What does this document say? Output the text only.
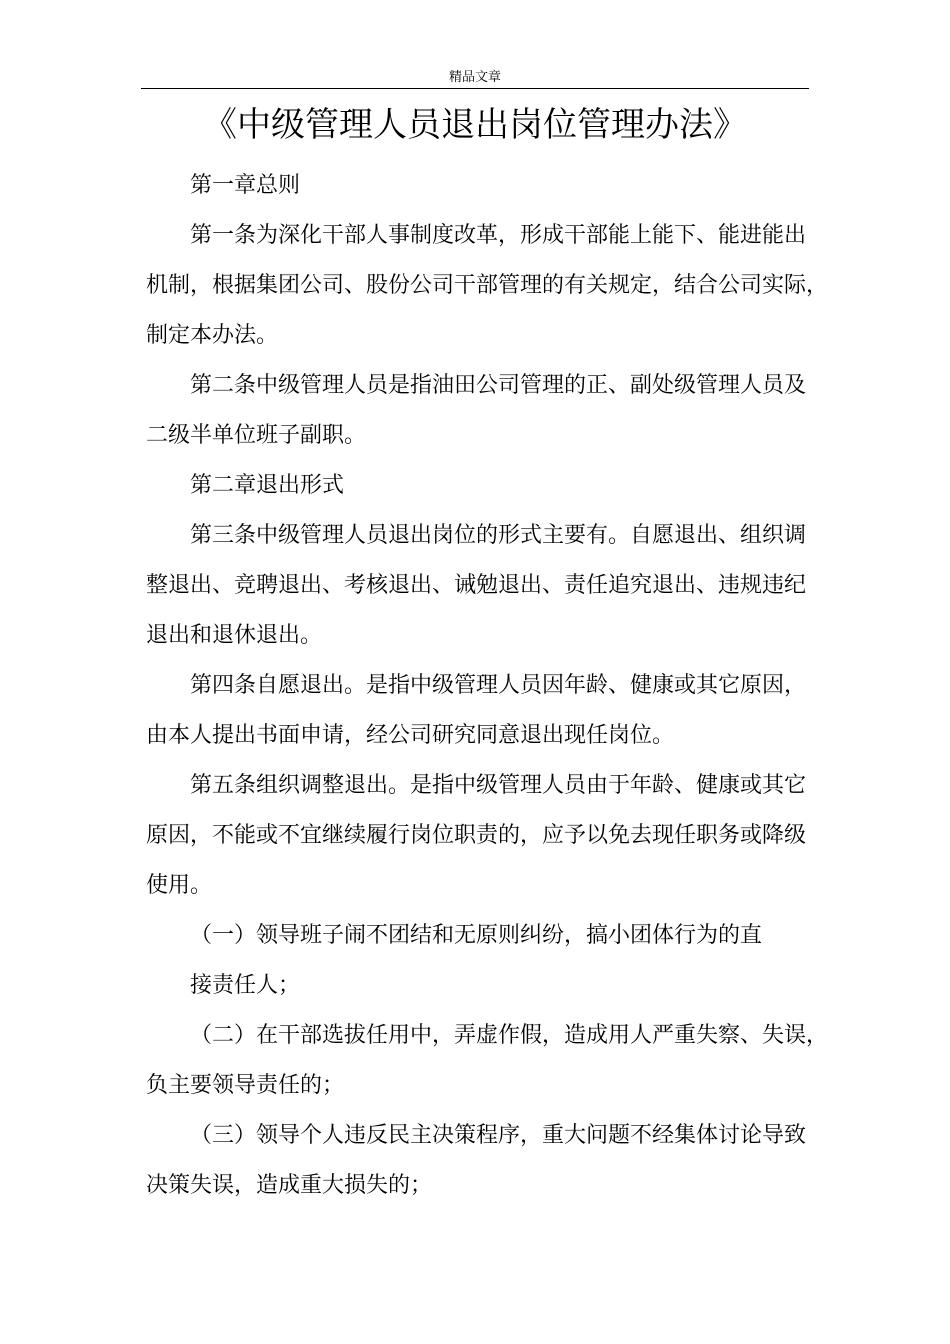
精品文章
《中级管理人员退出岗位管理办法》
第一章总则
第一条为深化干部人事制度改革，形成干部能上能下、能进能出
机制，根据集团公司、股份公司干部管理的有关规定，结合公司实际，
制定本办法。
第二条中级管理人员是指油田公司管理的正、副处级管理人员及
二级半单位班子副职。
第二章退出形式
第三条中级管理人员退出岗位的形式主要有。自愿退出、组织调
整退出、竞聘退出、考核退出、诫勉退出、责任追究退出、违规违纪
退出和退休退出。
第四条自愿退出。是指中级管理人员因年龄、健康或其它原因，
由本人提出书面申请，经公司研究同意退出现任岗位。
第五条组织调整退出。是指中级管理人员由于年龄、健康或其它
原因，不能或不宜继续履行岗位职责的，应予以免去现任职务或降级
使用。
（一）领导班子闹不团结和无原则纠纷，搞小团体行为的直
接责任人；
（二）在干部选拔任用中，弄虚作假，造成用人严重失察、失误，
负主要领导责任的；
（三）领导个人违反民主决策程序，重大问题不经集体讨论导致
决策失误，造成重大损失的；
